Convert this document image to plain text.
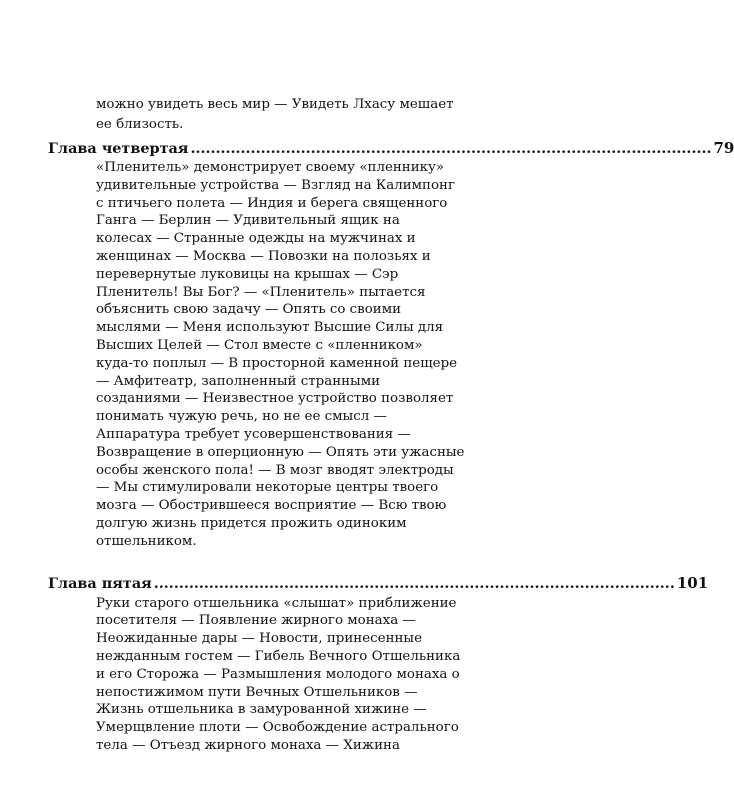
можно увидеть весь мир — Увидеть Лхасу мешает
ее близость.
Глава четвертая ........................................................................................................ 79
«Пленитель» демонстрирует своему «пленнику»
удивительные устройства — Взгляд на Калимпонг
с птичьего полета — Индия и берега священного
Ганга — Берлин — Удивительный ящик на
колесах — Странные одежды на мужчинах и
женщинах — Москва — Повозки на полозьях и
перевернутые луковицы на крышах — Сэр
Пленитель! Вы Бог? — «Пленитель» пытается
объяснить свою задачу — Опять со своими
мыслями — Меня используют Высшие Силы для
Высших Целей — Стол вместе с «пленником»
куда-то поплыл — В просторной каменной пещере
— Амфитеатр, заполненный странными
созданиями — Неизвестное устройство позволяет
понимать чужую речь, но не ее смысл —
Аппаратура требует усовершенствования —
Возвращение в оперционную — Опять эти ужасные
особы женского пола! — В мозг вводят электроды
— Мы стимулировали некоторые центры твоего
мозга — Обострившееся восприятие — Всю твою
долгую жизнь придется прожить одиноким
отшельником.
Глава пятая ........................................................................................................ 101
Руки старого отшельника «слышат» приближение
посетителя — Появление жирного монаха —
Неожиданные дары — Новости, принесенные
нежданным гостем — Гибель Вечного Отшельника
и его Сторожа — Размышления молодого монаха о
непостижимом пути Вечных Отшельников —
Жизнь отшельника в замурованной хижине —
Умерщвление плоти — Освобождение астрального
тела — Отъезд жирного монаха — Хижина
